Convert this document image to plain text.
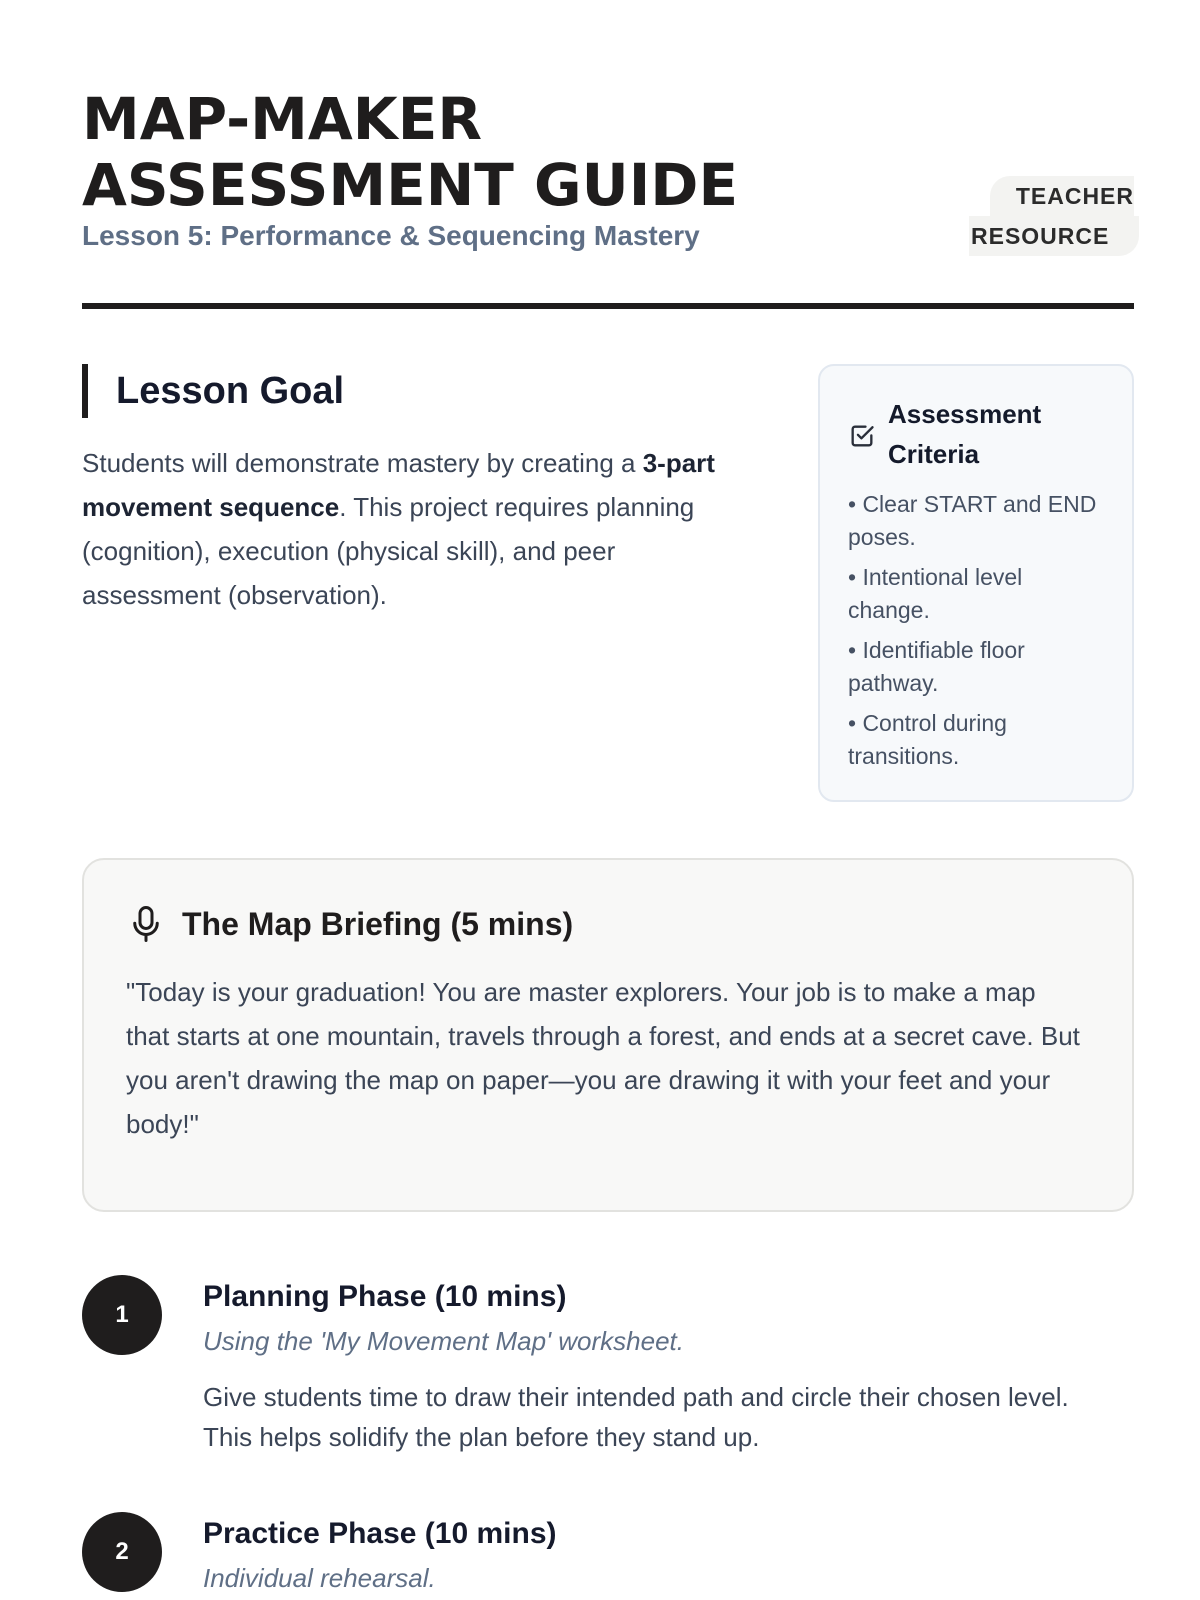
MAP-MAKER
ASSESSMENT GUIDE

Lesson 5: Performance & Sequencing Mastery

TEACHER
RESOURCE
Lesson Goal

Students will demonstrate mastery by creating a 3-part movement sequence. This project requires planning (cognition), execution (physical skill), and peer assessment (observation).

Assessment Criteria
• Clear START and END poses.
• Intentional level change.
• Identifiable floor pathway.
• Control during transitions.
The Map Briefing (5 mins)

"Today is your graduation! You are master explorers. Your job is to make a map that starts at one mountain, travels through a forest, and ends at a secret cave. But you aren't drawing the map on paper—you are drawing it with your feet and your body!"

1
Planning Phase (10 mins)
Using the 'My Movement Map' worksheet.

Give students time to draw their intended path and circle their chosen level. This helps solidify the plan before they stand up.

2
Practice Phase (10 mins)
Individual rehearsal.
